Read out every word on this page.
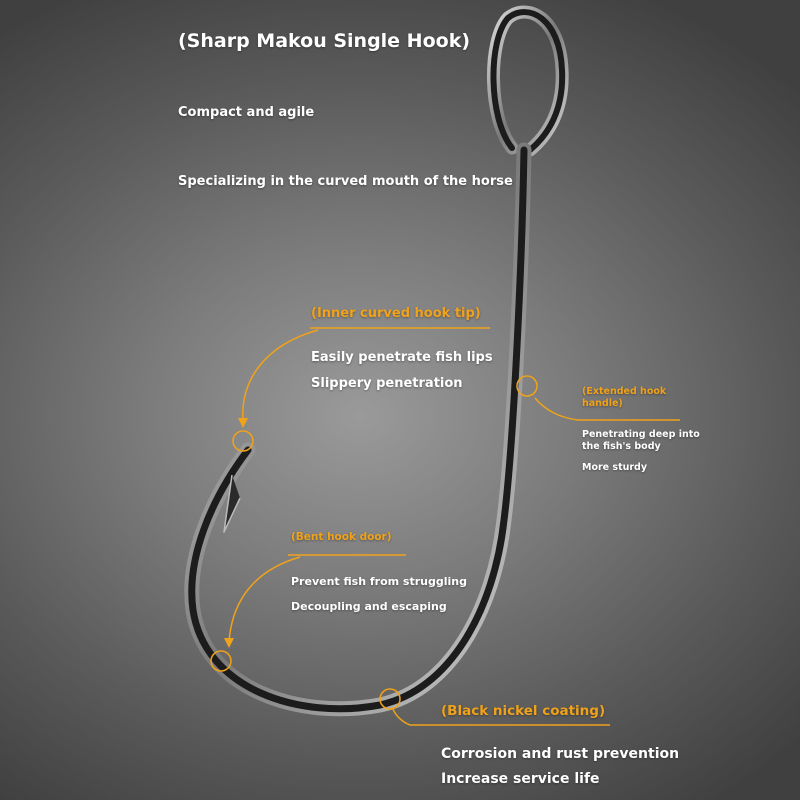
(Sharp Makou Single Hook)
Compact and agile
Specializing in the curved mouth of the horse
(Inner curved hook tip)
Easily penetrate fish lips
Slippery penetration
(Extended hook
handle)
Penetrating deep into
the fish's body
More sturdy
(Bent hook door)
Prevent fish from struggling
Decoupling and escaping
(Black nickel coating)
Corrosion and rust prevention
Increase service life
